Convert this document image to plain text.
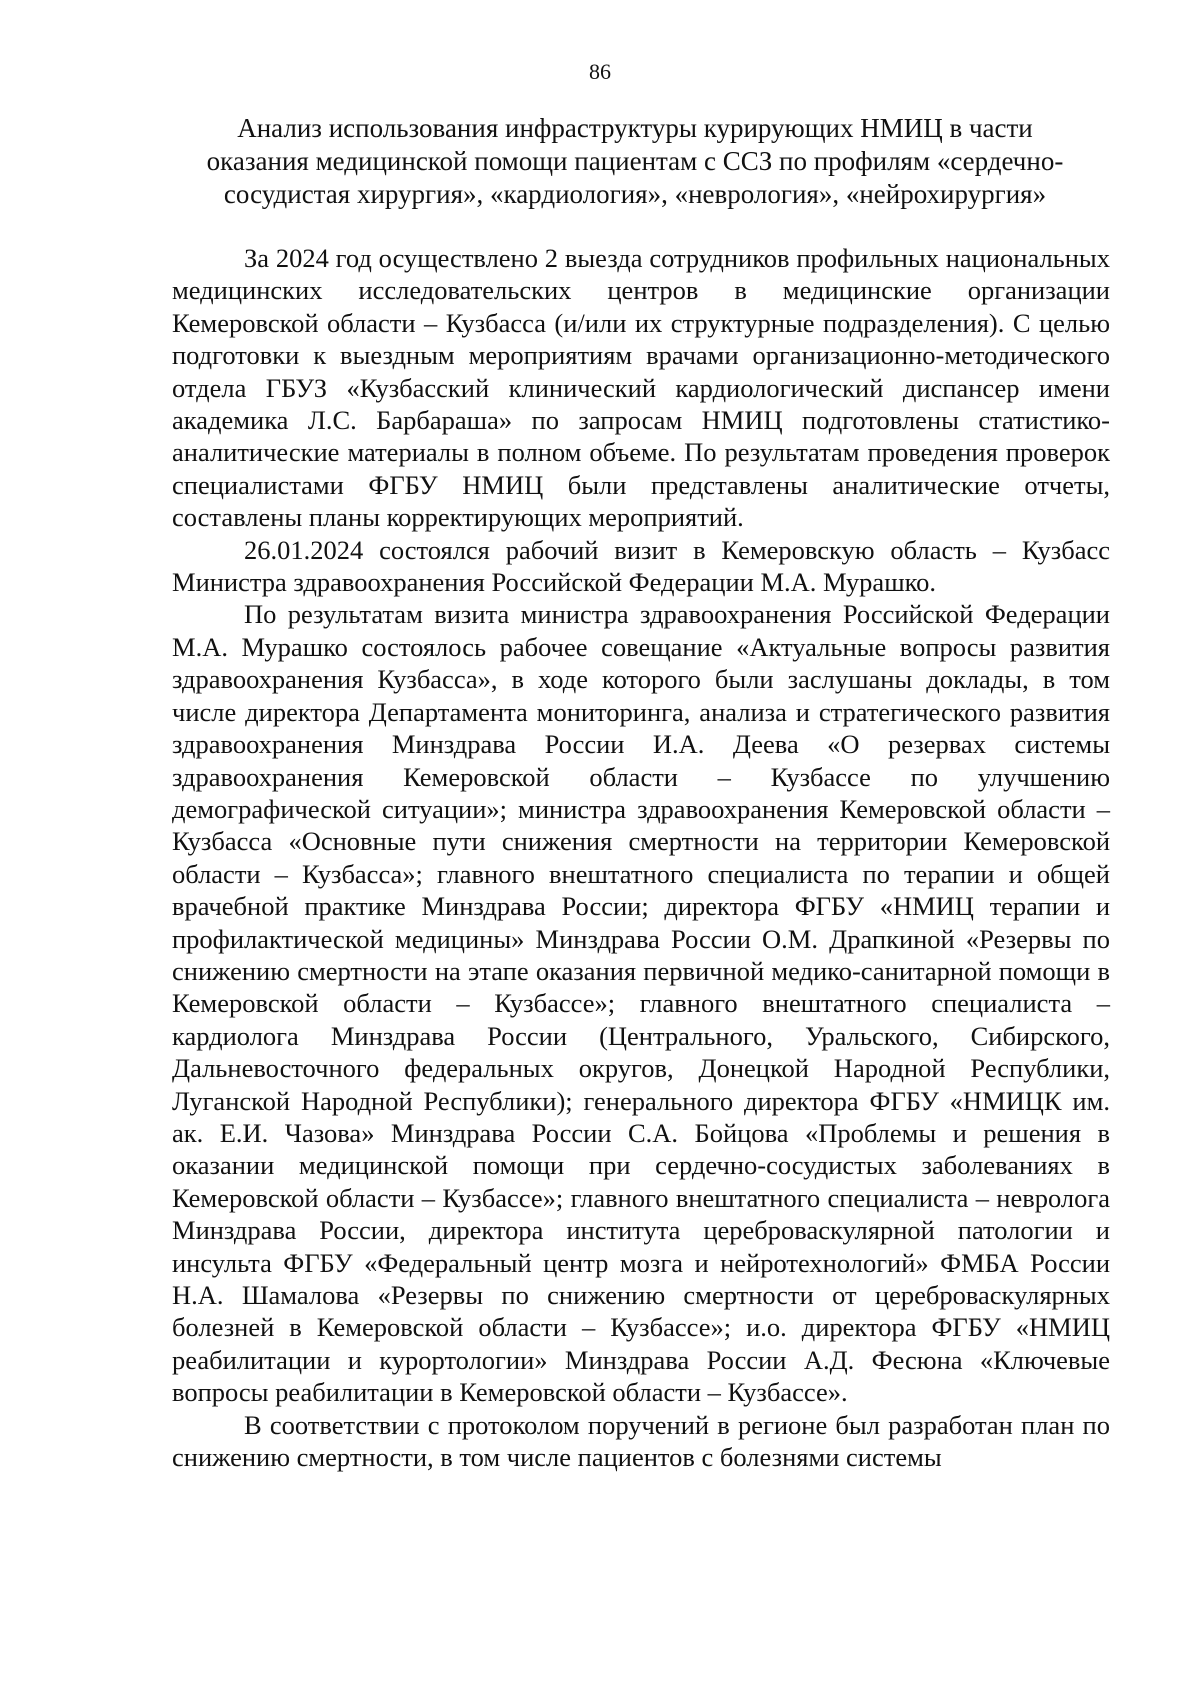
86
Анализ использования инфраструктуры курирующих НМИЦ в части
оказания медицинской помощи пациентам с ССЗ по профилям «сердечно-
сосудистая хирургия», «кардиология», «неврология», «нейрохирургия»

За 2024 год осуществлено 2 выезда сотрудников профильных национальных медицинских исследовательских центров в медицинские организации Кемеровской области – Кузбасса (и/или их структурные подразделения). С целью подготовки к выездным мероприятиям врачами организационно-методического отдела ГБУЗ «Кузбасский клинический кардиологический диспансер имени академика Л.С. Барбараша» по запросам НМИЦ подготовлены статистико-аналитические материалы в полном объеме. По результатам проведения проверок специалистами ФГБУ НМИЦ были представлены аналитические отчеты, составлены планы корректирующих мероприятий.

26.01.2024 состоялся рабочий визит в Кемеровскую область – Кузбасс Министра здравоохранения Российской Федерации М.А. Мурашко.

По результатам визита министра здравоохранения Российской Федерации М.А. Мурашко состоялось рабочее совещание «Актуальные вопросы развития здравоохранения Кузбасса», в ходе которого были заслушаны доклады, в том числе директора Департамента мониторинга, анализа и стратегического развития здравоохранения Минздрава России И.А. Деева «О резервах системы здравоохранения Кемеровской области – Кузбассе по улучшению демографической ситуации»; министра здравоохранения Кемеровской области – Кузбасса «Основные пути снижения смертности на территории Кемеровской области – Кузбасса»; главного внештатного специалиста по терапии и общей врачебной практике Минздрава России; директора ФГБУ «НМИЦ терапии и профилактической медицины» Минздрава России О.М. Драпкиной «Резервы по снижению смертности на этапе оказания первичной медико-санитарной помощи в Кемеровской области – Кузбассе»; главного внештатного специалиста – кардиолога Минздрава России (Центрального, Уральского, Сибирского, Дальневосточного федеральных округов, Донецкой Народной Республики, Луганской Народной Республики); генерального директора ФГБУ «НМИЦК им. ак. Е.И. Чазова» Минздрава России С.А. Бойцова «Проблемы и решения в оказании медицинской помощи при сердечно-сосудистых заболеваниях в Кемеровской области – Кузбассе»; главного внештатного специалиста – невролога Минздрава России, директора института цереброваскулярной патологии и инсульта ФГБУ «Федеральный центр мозга и нейротехнологий» ФМБА России Н.А. Шамалова «Резервы по снижению смертности от цереброваскулярных болезней в Кемеровской области – Кузбассе»; и.о. директора ФГБУ «НМИЦ реабилитации и курортологии» Минздрава России А.Д. Фесюна «Ключевые вопросы реабилитации в Кемеровской области – Кузбассе».

В соответствии с протоколом поручений в регионе был разработан план по снижению смертности, в том числе пациентов с болезнями системы
